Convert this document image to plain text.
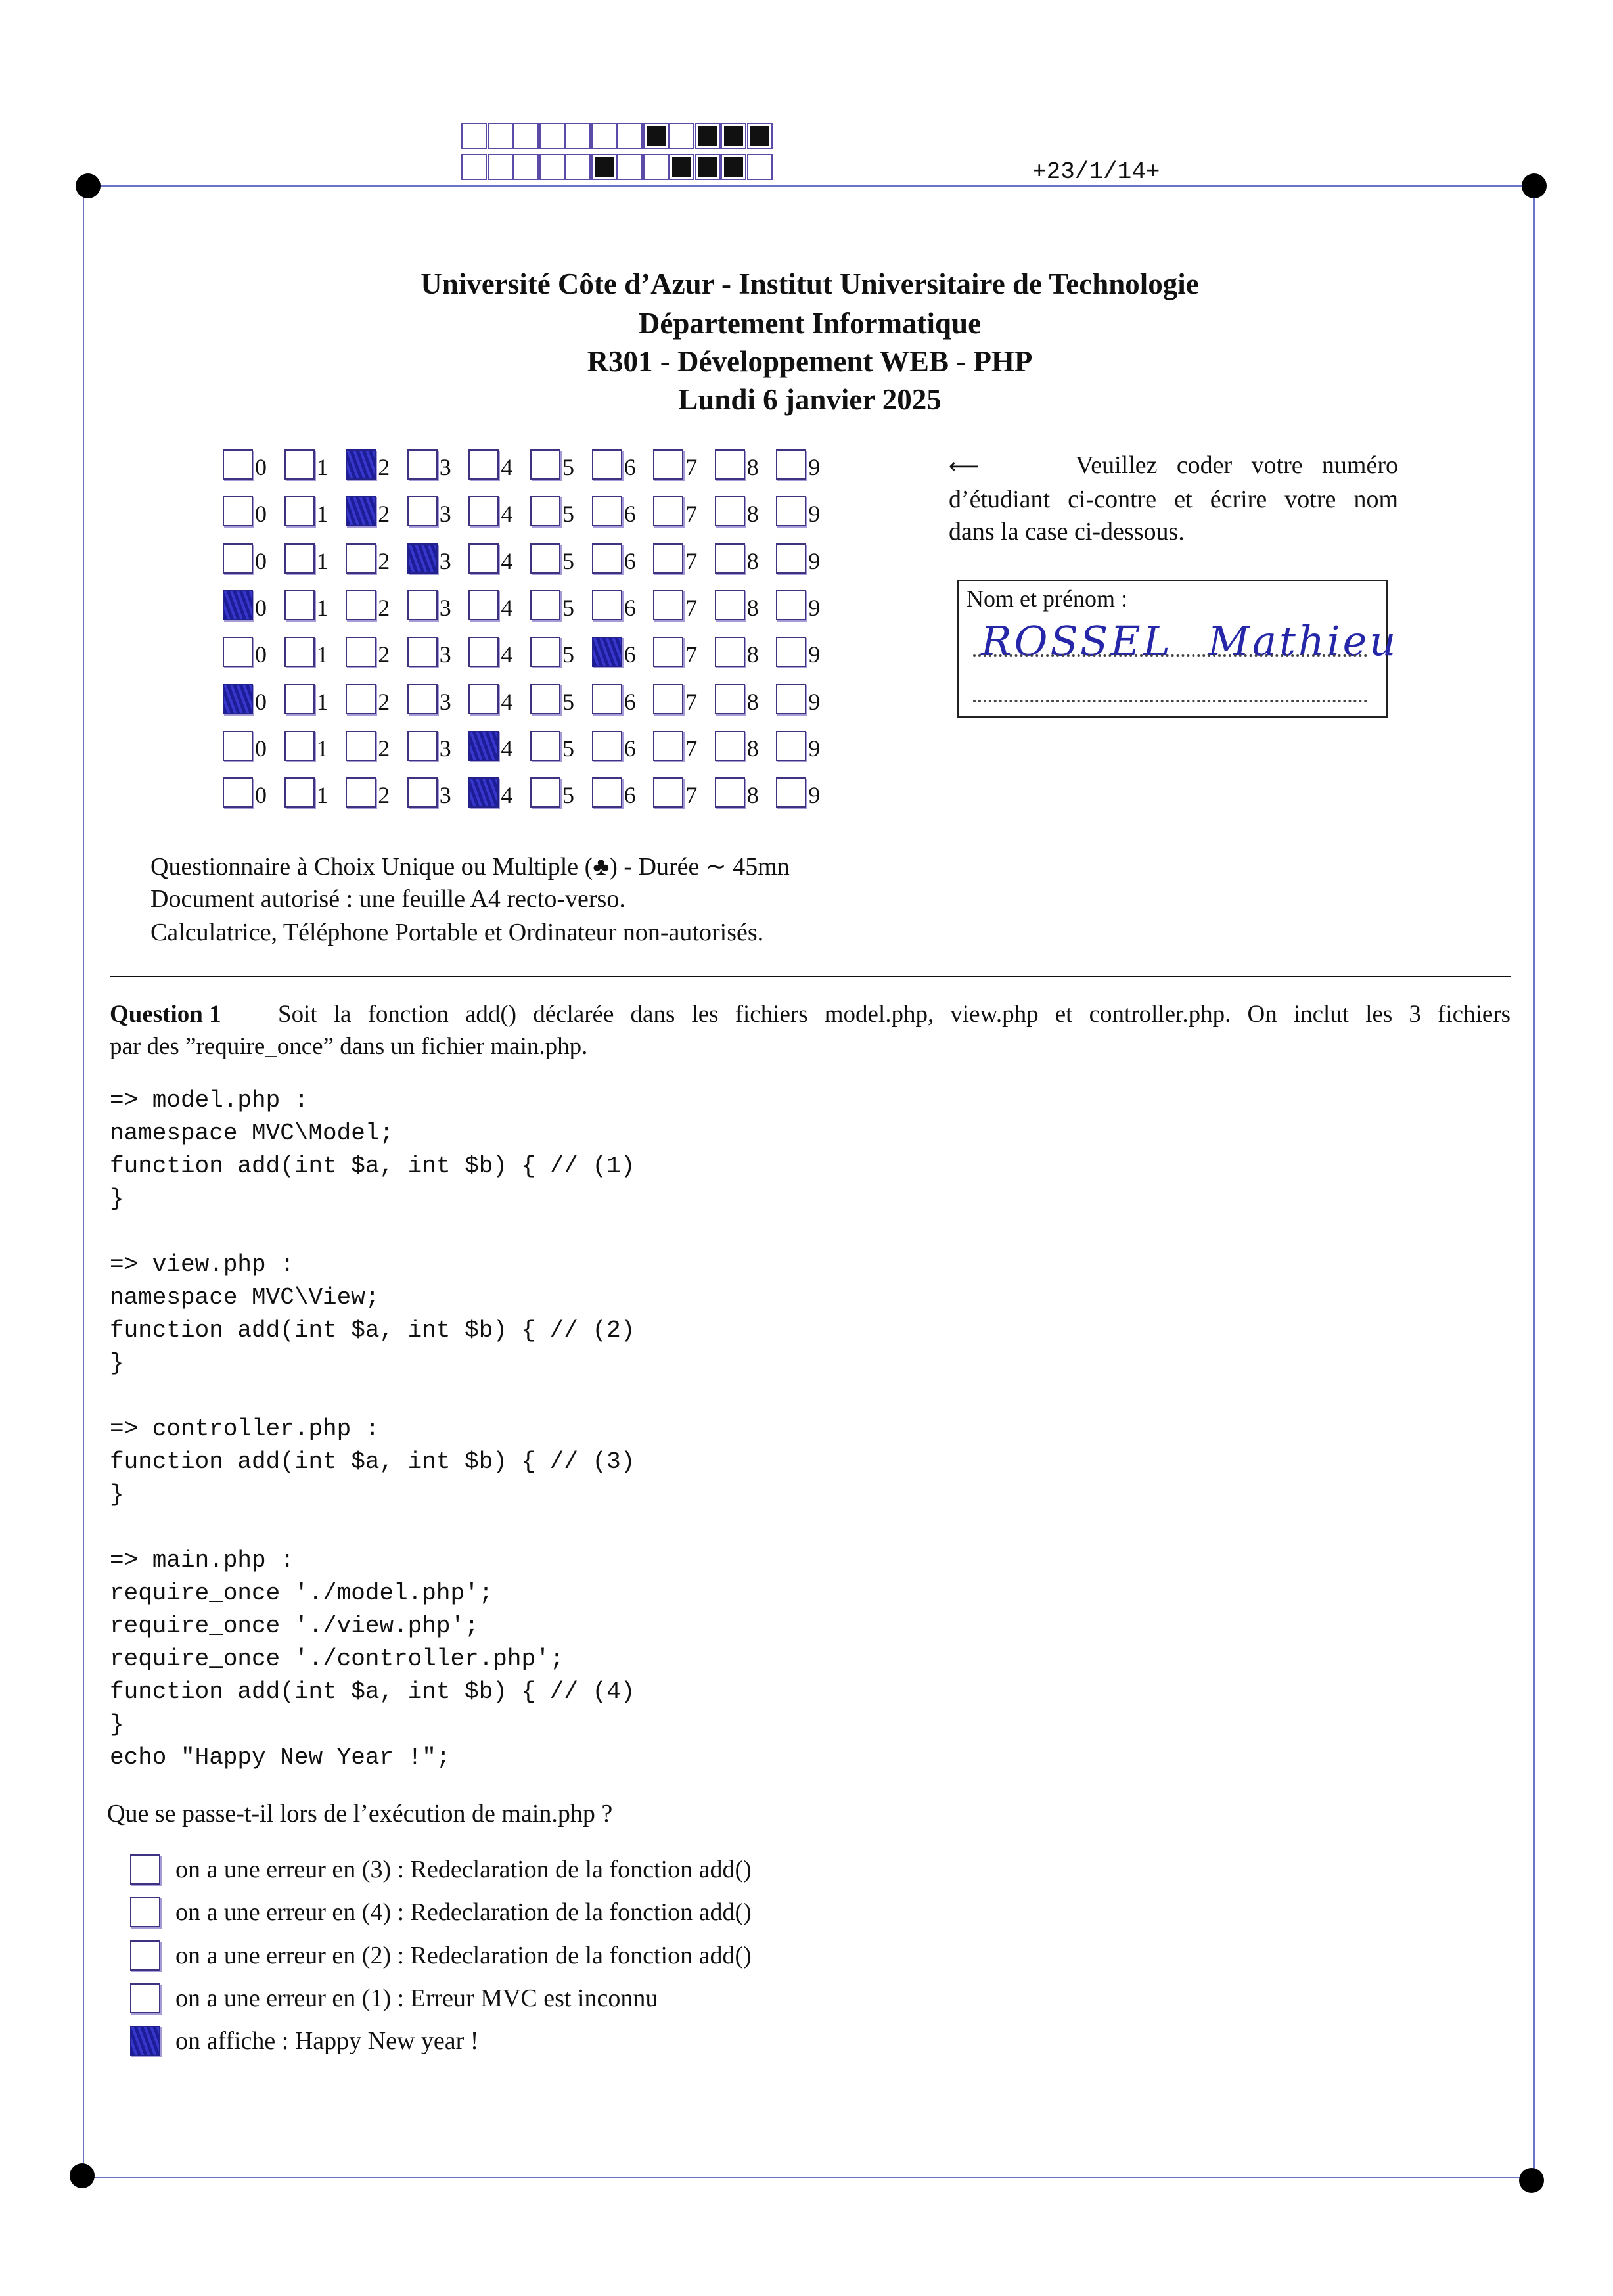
+23/1/14+
Université Côte d’Azur - Institut Universitaire de Technologie
Département Informatique
R301 - Développement WEB - PHP
Lundi 6 janvier 2025
0 1 2 3 4 5 6 7 8 9
0 1 2 3 4 5 6 7 8 9
0 1 2 3 4 5 6 7 8 9
0 1 2 3 4 5 6 7 8 9
0 1 2 3 4 5 6 7 8 9
0 1 2 3 4 5 6 7 8 9
0 1 2 3 4 5 6 7 8 9
0 1 2 3 4 5 6 7 8 9
⟵	Veuillez coder votre numéro
d’étudiant ci-contre et écrire votre nom
dans la case ci-dessous.
Nom et prénom :
ROSSEL Mathieu
Questionnaire à Choix Unique ou Multiple (♣) - Durée ∼ 45mn
Document autorisé : une feuille A4 recto-verso.
Calculatrice, Téléphone Portable et Ordinateur non-autorisés.
Question 1 Soit la fonction add() déclarée dans les fichiers model.php, view.php et controller.php. On inclut les 3 fichiers
par des ”require_once” dans un fichier main.php.
=> model.php :
namespace MVC\Model;
function add(int $a, int $b) { // (1)
}
=> view.php :
namespace MVC\View;
function add(int $a, int $b) { // (2)
}
=> controller.php :
function add(int $a, int $b) { // (3)
}
=> main.php :
require_once './model.php';
require_once './view.php';
require_once './controller.php';
function add(int $a, int $b) { // (4)
}
echo "Happy New Year !";
Que se passe-t-il lors de l’exécution de main.php ?
on a une erreur en (3) : Redeclaration de la fonction add()
on a une erreur en (4) : Redeclaration de la fonction add()
on a une erreur en (2) : Redeclaration de la fonction add()
on a une erreur en (1) : Erreur MVC est inconnu
on affiche : Happy New year !
